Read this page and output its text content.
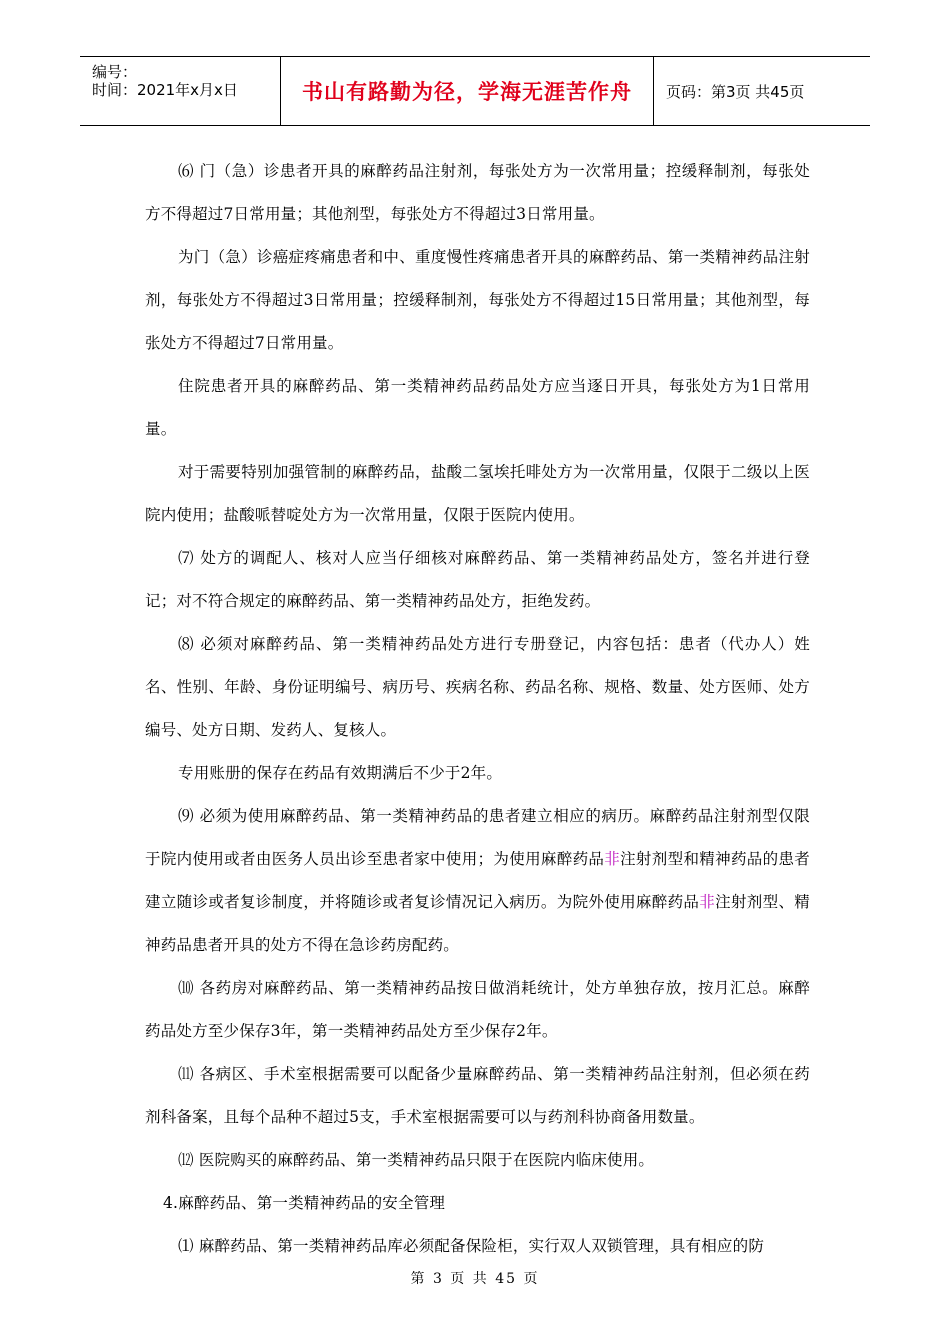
编号：
时间：2021年x月x日	书山有路勤为径，学海无涯苦作舟	页码：第3页 共45页

⑹ 门（急）诊患者开具的麻醉药品注射剂，每张处方为一次常用量；控缓释制剂，每张处方不得超过7日常用量；其他剂型，每张处方不得超过3日常用量。

为门（急）诊癌症疼痛患者和中、重度慢性疼痛患者开具的麻醉药品、第一类精神药品注射剂，每张处方不得超过3日常用量；控缓释制剂，每张处方不得超过15日常用量；其他剂型，每张处方不得超过7日常用量。

住院患者开具的麻醉药品、第一类精神药品药品处方应当逐日开具，每张处方为1日常用量。

对于需要特别加强管制的麻醉药品，盐酸二氢埃托啡处方为一次常用量，仅限于二级以上医院内使用；盐酸哌替啶处方为一次常用量，仅限于医院内使用。

⑺ 处方的调配人、核对人应当仔细核对麻醉药品、第一类精神药品处方，签名并进行登记；对不符合规定的麻醉药品、第一类精神药品处方，拒绝发药。

⑻ 必须对麻醉药品、第一类精神药品处方进行专册登记，内容包括：患者（代办人）姓名、性别、年龄、身份证明编号、病历号、疾病名称、药品名称、规格、数量、处方医师、处方编号、处方日期、发药人、复核人。

专用账册的保存在药品有效期满后不少于2年。

⑼ 必须为使用麻醉药品、第一类精神药品的患者建立相应的病历。麻醉药品注射剂型仅限于院内使用或者由医务人员出诊至患者家中使用；为使用麻醉药品非注射剂型和精神药品的患者建立随诊或者复诊制度，并将随诊或者复诊情况记入病历。为院外使用麻醉药品非注射剂型、精神药品患者开具的处方不得在急诊药房配药。

⑽ 各药房对麻醉药品、第一类精神药品按日做消耗统计，处方单独存放，按月汇总。麻醉药品处方至少保存3年，第一类精神药品处方至少保存2年。

⑾ 各病区、手术室根据需要可以配备少量麻醉药品、第一类精神药品注射剂，但必须在药剂科备案，且每个品种不超过5支，手术室根据需要可以与药剂科协商备用数量。

⑿ 医院购买的麻醉药品、第一类精神药品只限于在医院内临床使用。

4.麻醉药品、第一类精神药品的安全管理

⑴ 麻醉药品、第一类精神药品库必须配备保险柜，实行双人双锁管理，具有相应的防

第 3 页 共 45 页
